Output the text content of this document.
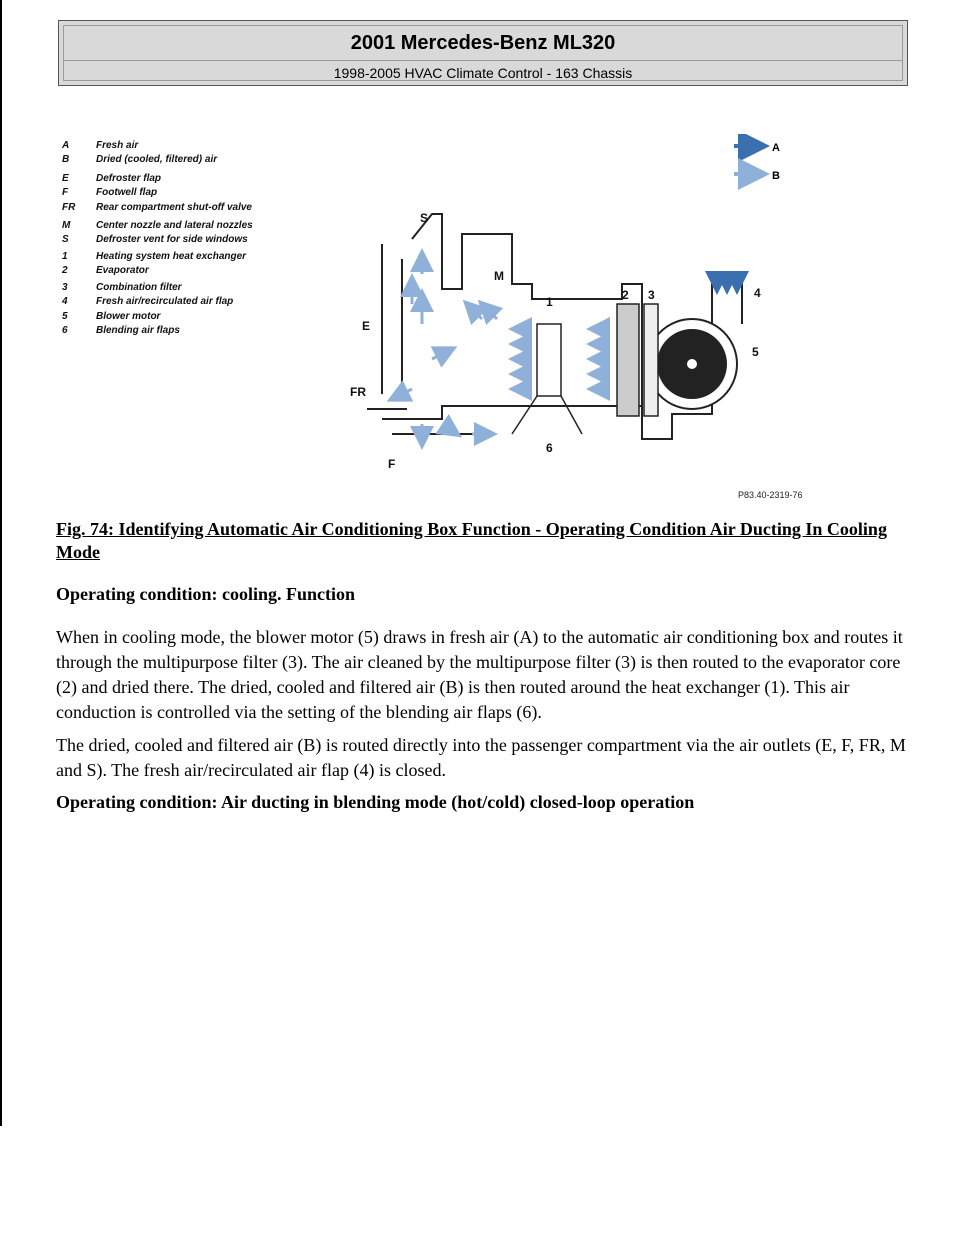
2001 Mercedes-Benz ML320
1998-2005 HVAC Climate Control - 163 Chassis
A	Fresh air
B	Dried (cooled, filtered) air
E	Defroster flap
F	Footwell flap
FR	Rear compartment shut-off valve
M	Center nozzle and lateral nozzles
S	Defroster vent for side windows
1	Heating system heat exchanger
2	Evaporator
3	Combination filter
4	Fresh air/recirculated air flap
5	Blower motor
6	Blending air flaps
A
B
S
M
E
FR
F
1	2 3	4
5
6
P83.40-2319-76
Fig. 74: Identifying Automatic Air Conditioning Box Function - Operating Condition Air Ducting In Cooling Mode
Operating condition: cooling. Function
When in cooling mode, the blower motor (5) draws in fresh air (A) to the automatic air conditioning box and routes it through the multipurpose filter (3). The air cleaned by the multipurpose filter (3) is then routed to the evaporator core (2) and dried there. The dried, cooled and filtered air (B) is then routed around the heat exchanger (1). This air conduction is controlled via the setting of the blending air flaps (6).
The dried, cooled and filtered air (B) is routed directly into the passenger compartment via the air outlets (E, F, FR, M and S). The fresh air/recirculated air flap (4) is closed.
Operating condition: Air ducting in blending mode (hot/cold) closed-loop operation
